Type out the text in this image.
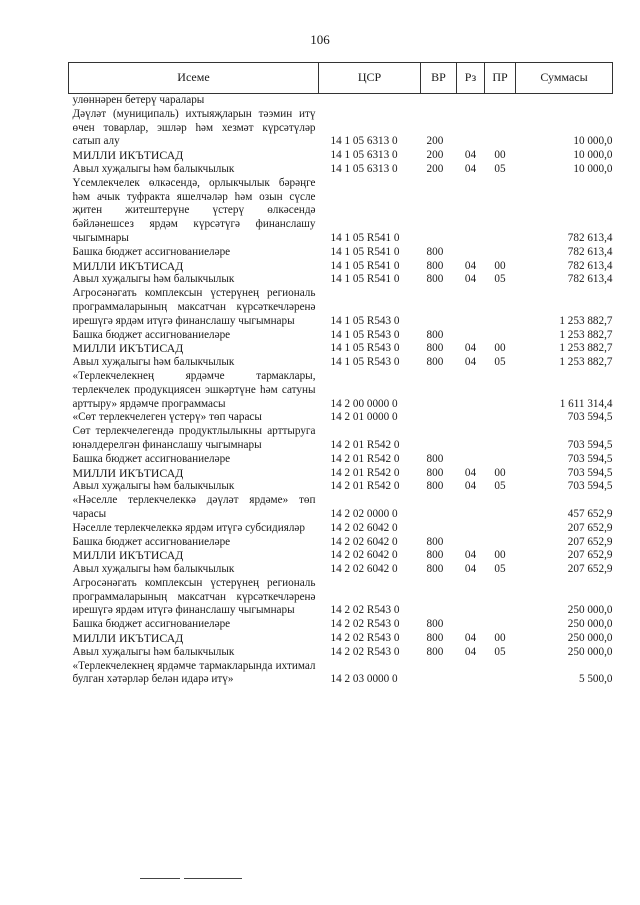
106
Исеме	ЦСР	ВР	Рз	ПР	Суммасы
улөннәрен бетерү чаралары					
Дәүләт (муниципаль) ихтыяҗларын тәэмин итү өчен товарлар, эшләр һәм хезмәт күрсәтүләр сатып алу	14 1 05 6313 0	200			10 000,0
МИЛЛИ ИКЪТИСАД	14 1 05 6313 0	200	04	00	10 000,0
Авыл хуҗалыгы һәм балыкчылык	14 1 05 6313 0	200	04	05	10 000,0
Үсемлекчелек өлкәсендә, орлыкчылык бәрәңге һәм ачык туфракта яшелчәләр һәм озын сүсле җитен житештерүне үстерү өлкәсендә бәйләнешсез ярдәм күрсәтүгә финанслашу чыгымнары	14 1 05 R541 0				782 613,4
Башка бюджет ассигнованиеләре	14 1 05 R541 0	800			782 613,4
МИЛЛИ ИКЪТИСАД	14 1 05 R541 0	800	04	00	782 613,4
Авыл хуҗалыгы һәм балыкчылык	14 1 05 R541 0	800	04	05	782 613,4
Агросәнәгать комплексын үстерүнең региональ программаларының максатчан күрсәткечләренә ирешүгә ярдәм итүгә финанслашу чыгымнары	14 1 05 R543 0				1 253 882,7
Башка бюджет ассигнованиеләре	14 1 05 R543 0	800			1 253 882,7
МИЛЛИ ИКЪТИСАД	14 1 05 R543 0	800	04	00	1 253 882,7
Авыл хуҗалыгы һәм балыкчылык	14 1 05 R543 0	800	04	05	1 253 882,7
«Терлекчелекнең ярдәмче тармаклары, терлекчелек продукциясен эшкәртүне һәм сатуны арттыру» ярдәмче программасы	14 2 00 0000 0				1 611 314,4
«Сөт терлекчелеген үстерү» төп чарасы	14 2 01 0000 0				703 594,5
Сөт терлекчелегендә продуктлылыкны арттыруга юнәлдерелгән финанслашу чыгымнары	14 2 01 R542 0				703 594,5
Башка бюджет ассигнованиеләре	14 2 01 R542 0	800			703 594,5
МИЛЛИ ИКЪТИСАД	14 2 01 R542 0	800	04	00	703 594,5
Авыл хуҗалыгы һәм балыкчылык	14 2 01 R542 0	800	04	05	703 594,5
«Нәселле терлекчелеккә дәүләт ярдәме» төп чарасы	14 2 02 0000 0				457 652,9
Нәселле терлекчелеккә ярдәм итүгә субсидияләр	14 2 02 6042 0				207 652,9
Башка бюджет ассигнованиеләре	14 2 02 6042 0	800			207 652,9
МИЛЛИ ИКЪТИСАД	14 2 02 6042 0	800	04	00	207 652,9
Авыл хуҗалыгы һәм балыкчылык	14 2 02 6042 0	800	04	05	207 652,9
Агросәнәгать комплексын үстерүнең региональ программаларының максатчан күрсәткечләренә ирешүгә ярдәм итүгә финанслашу чыгымнары	14 2 02 R543 0				250 000,0
Башка бюджет ассигнованиеләре	14 2 02 R543 0	800			250 000,0
МИЛЛИ ИКЪТИСАД	14 2 02 R543 0	800	04	00	250 000,0
Авыл хуҗалыгы һәм балыкчылык	14 2 02 R543 0	800	04	05	250 000,0
«Терлекчелекнең ярдәмче тармакларында ихтимал булган хәтәрләр белән идарә итү»	14 2 03 0000 0				5 500,0
